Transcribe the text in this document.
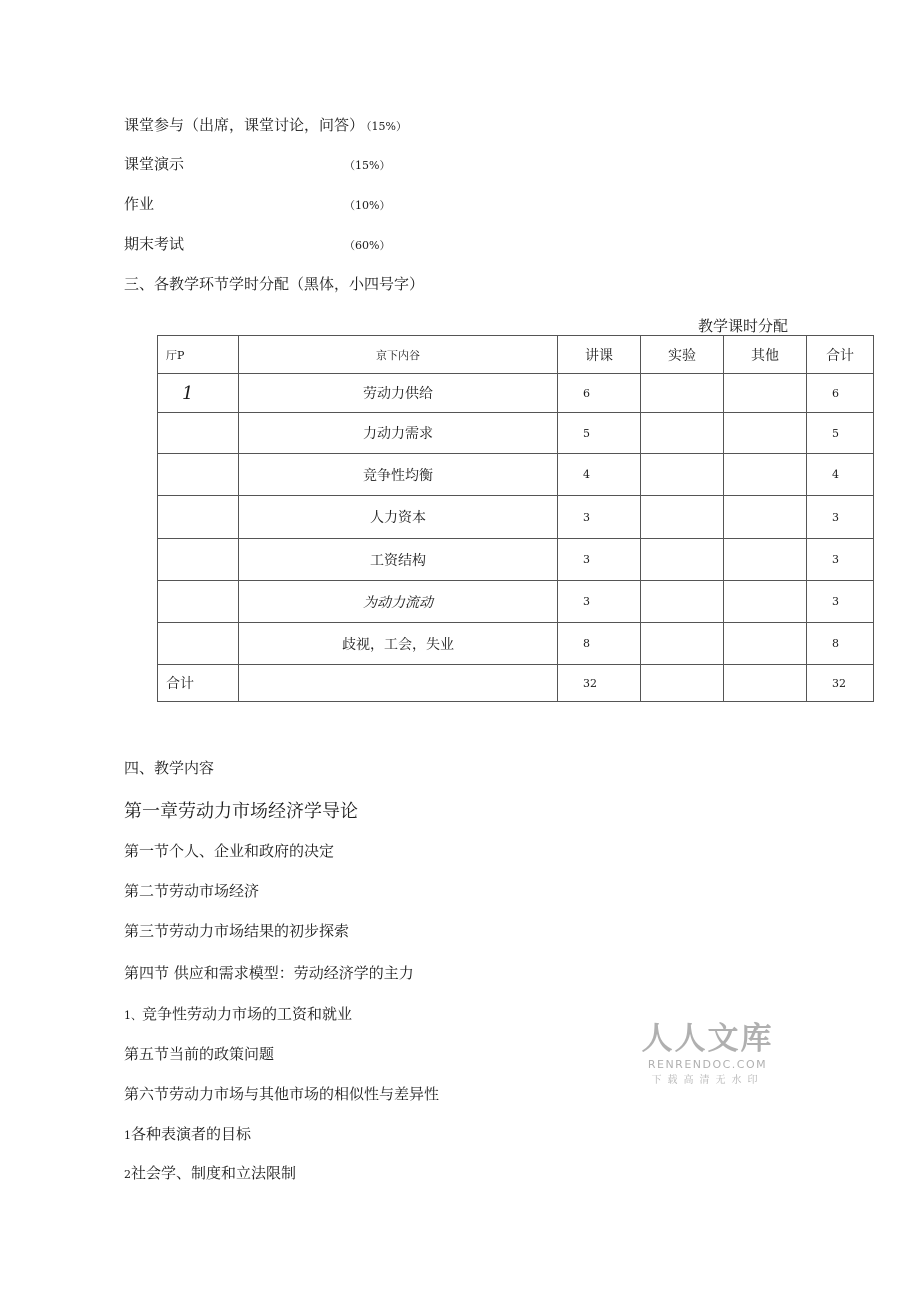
课堂参与（出席，课堂讨论，问答） （15%）
课堂演示	（15%）
作业	（10%）
期末考试	（60%）
三、各教学环节学时分配（黑体，小四号字）
教学课时分配
厅P	京下内谷	讲课	实验	其他	合计
1	劳动力供给	6			6
	力动力需求	5			5
	竞争性均衡	4			4
	人力资本	3			3
	工资结构	3			3
	为动力流动	3			3
	歧视，工会，失业	8			8
合计		32			32
四、教学内容
第一章劳动力市场经济学导论
第一节个人、企业和政府的决定
第二节劳动市场经济
第三节劳动力市场结果的初步探索
第四节 供应和需求模型：劳动经济学的主力
1、竞争性劳动力市场的工资和就业
第五节当前的政策问题
第六节劳动力市场与其他市场的相似性与差异性
1各种表演者的目标
2社会学、制度和立法限制
人人文库
RENRENDOC.COM
下载高清无水印
